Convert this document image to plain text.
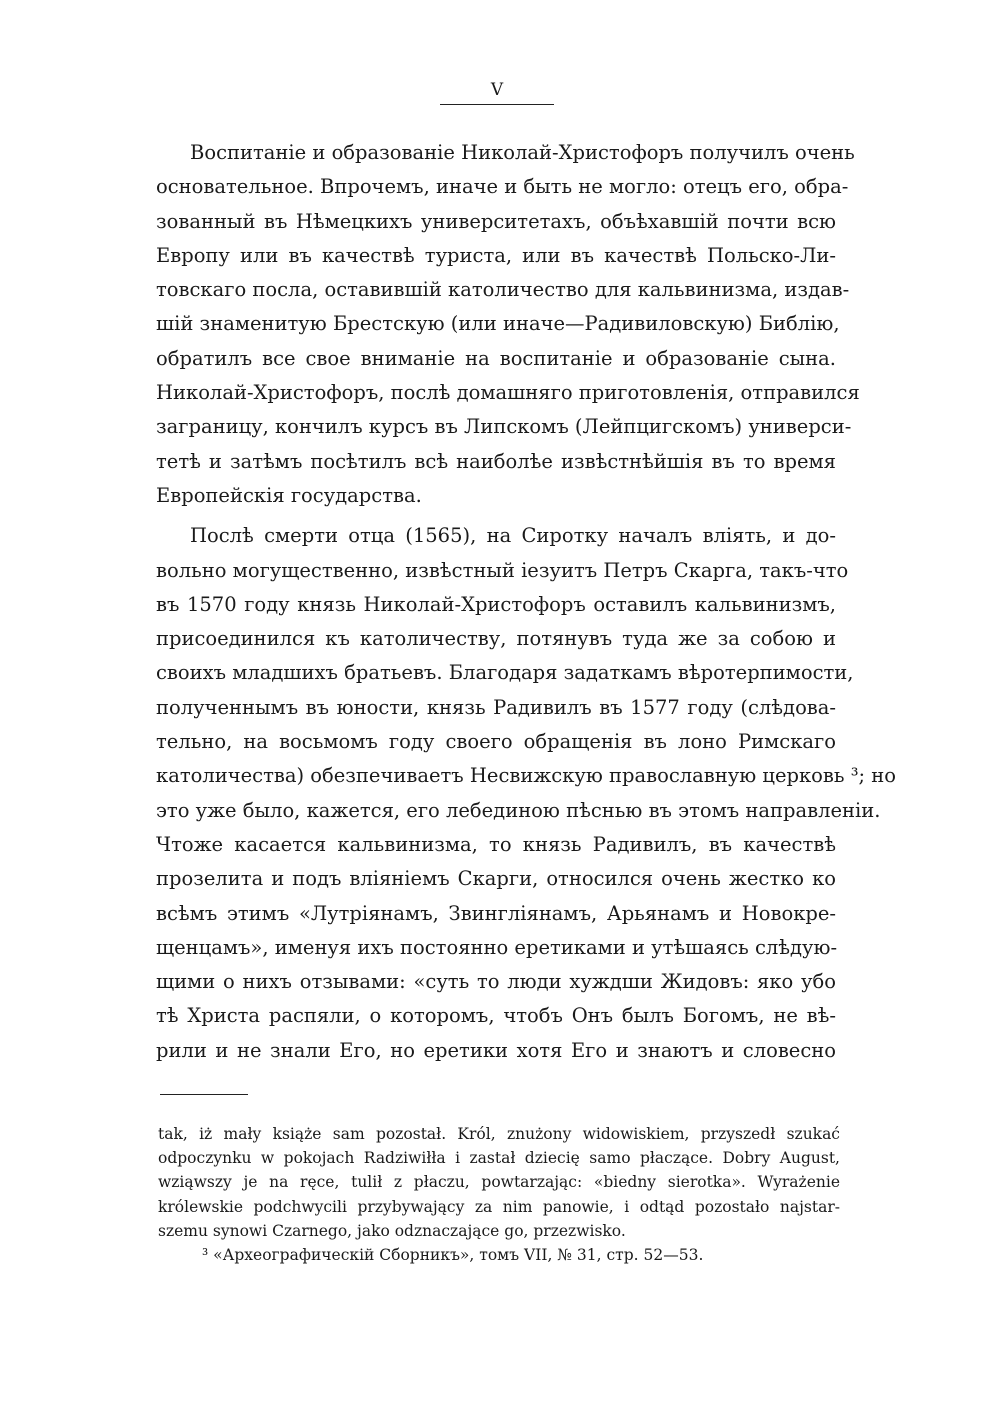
V
Воспитаніе и образованіе Николай-Христофоръ получилъ очень
основательное. Впрочемъ, иначе и быть не могло: отецъ его, обра-
зованный въ Нѣмецкихъ университетахъ, объѣхавшій почти всю
Европу или въ качествѣ туриста, или въ качествѣ Польско-Ли-
товскаго посла, оставившій католичество для кальвинизма, издав-
шій знаменитую Брестскую (или иначе—Радивиловскую) Библію,
обратилъ все свое вниманіе на воспитаніе и образованіе сына.
Николай-Христофоръ, послѣ домашняго приготовленія, отправился
заграницу, кончилъ курсъ въ Липскомъ (Лейпцигскомъ) универси-
тетѣ и затѣмъ посѣтилъ всѣ наиболѣе извѣстнѣйшія въ то время
Европейскія государства.
Послѣ смерти отца (1565), на Сиротку началъ вліять, и до-
вольно могущественно, извѣстный іезуитъ Петръ Скарга, такъ-что
въ 1570 году князь Николай-Христофоръ оставилъ кальвинизмъ,
присоединился къ католичеству, потянувъ туда же за собою и
своихъ младшихъ братьевъ. Благодаря задаткамъ вѣротерпимости,
полученнымъ въ юности, князь Радивилъ въ 1577 году (слѣдова-
тельно, на восьмомъ году своего обращенія въ лоно Римскаго
католичества) обезпечиваетъ Несвижскую православную церковь ³; но
это уже было, кажется, его лебединою пѣснью въ этомъ направленіи.
Чтоже касается кальвинизма, то князь Радивилъ, въ качествѣ
прозелита и подъ вліяніемъ Скарги, относился очень жестко ко
всѣмъ этимъ «Лутріянамъ, Звингліянамъ, Арьянамъ и Новокре-
щенцамъ», именуя ихъ постоянно еретиками и утѣшаясь слѣдую-
щими о нихъ отзывами: «суть то люди хуждши Жидовъ: яко убо
тѣ Христа распяли, о которомъ, чтобъ Онъ былъ Богомъ, не вѣ-
рили и не знали Его, но еретики хотя Его и знаютъ и словесно
tak, iż mały książe sam pozostał. Król, znużony widowiskiem, przyszedł szukać
odpoczynku w pokojach Radziwiłła i zastał dziecię samo płaczące. Dobry August,
wziąwszy je na ręce, tulił z płaczu, powtarzając: «biedny sierotka». Wyrażenie
królewskie podchwycili przybywający za nim panowie, i odtąd pozostało najstar-
szemu synowi Czarnego, jako odznaczające go, przezwisko.
³ «Археографическій Сборникъ», томъ VII, № 31, стр. 52—53.
